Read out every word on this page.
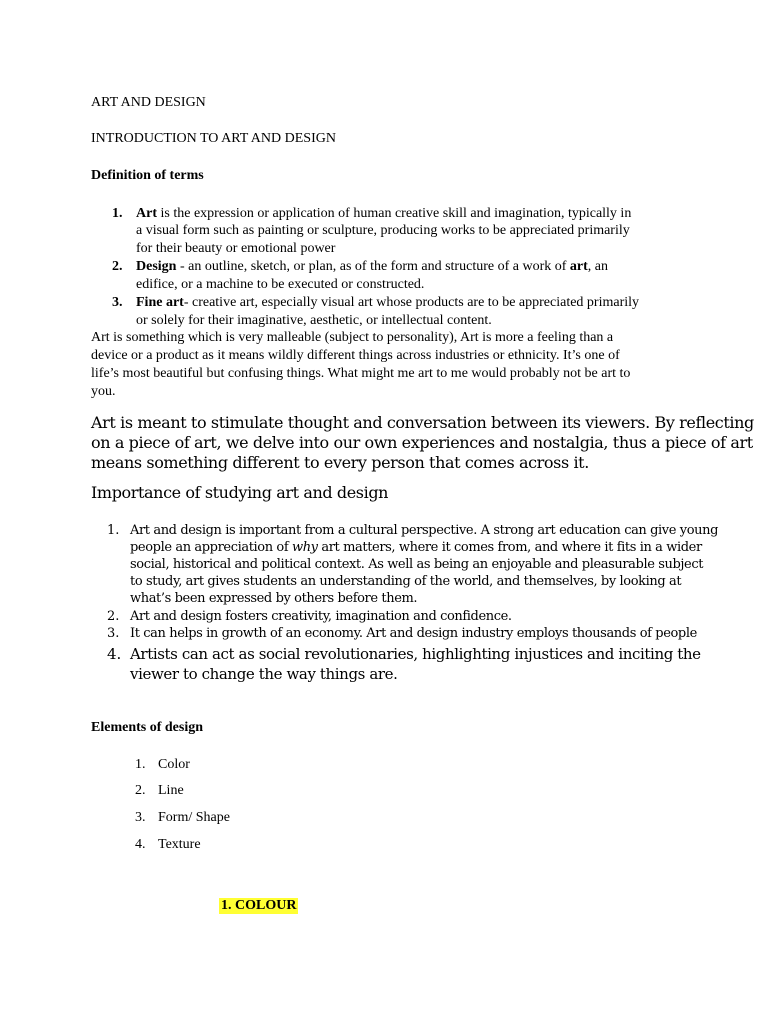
ART AND DESIGN
INTRODUCTION TO ART AND DESIGN
Definition of terms
1. Art is the expression or application of human creative skill and imagination, typically in
a visual form such as painting or sculpture, producing works to be appreciated primarily
for their beauty or emotional power
2. Design - an outline, sketch, or plan, as of the form and structure of a work of art, an
edifice, or a machine to be executed or constructed.
3. Fine art- creative art, especially visual art whose products are to be appreciated primarily
or solely for their imaginative, aesthetic, or intellectual content.
Art is something which is very malleable (subject to personality), Art is more a feeling than a
device or a product as it means wildly different things across industries or ethnicity. It’s one of
life’s most beautiful but confusing things. What might me art to me would probably not be art to
you.
Art is meant to stimulate thought and conversation between its viewers. By reflecting
on a piece of art, we delve into our own experiences and nostalgia, thus a piece of art
means something different to every person that comes across it.
Importance of studying art and design
1. Art and design is important from a cultural perspective. A strong art education can give young
people an appreciation of why art matters, where it comes from, and where it fits in a wider
social, historical and political context. As well as being an enjoyable and pleasurable subject
to study, art gives students an understanding of the world, and themselves, by looking at
what’s been expressed by others before them.
2. Art and design fosters creativity, imagination and confidence.
3. It can helps in growth of an economy. Art and design industry employs thousands of people
4. Artists can act as social revolutionaries, highlighting injustices and inciting the
viewer to change the way things are.
Elements of design
1. Color
2. Line
3. Form/ Shape
4. Texture
1. COLOUR
